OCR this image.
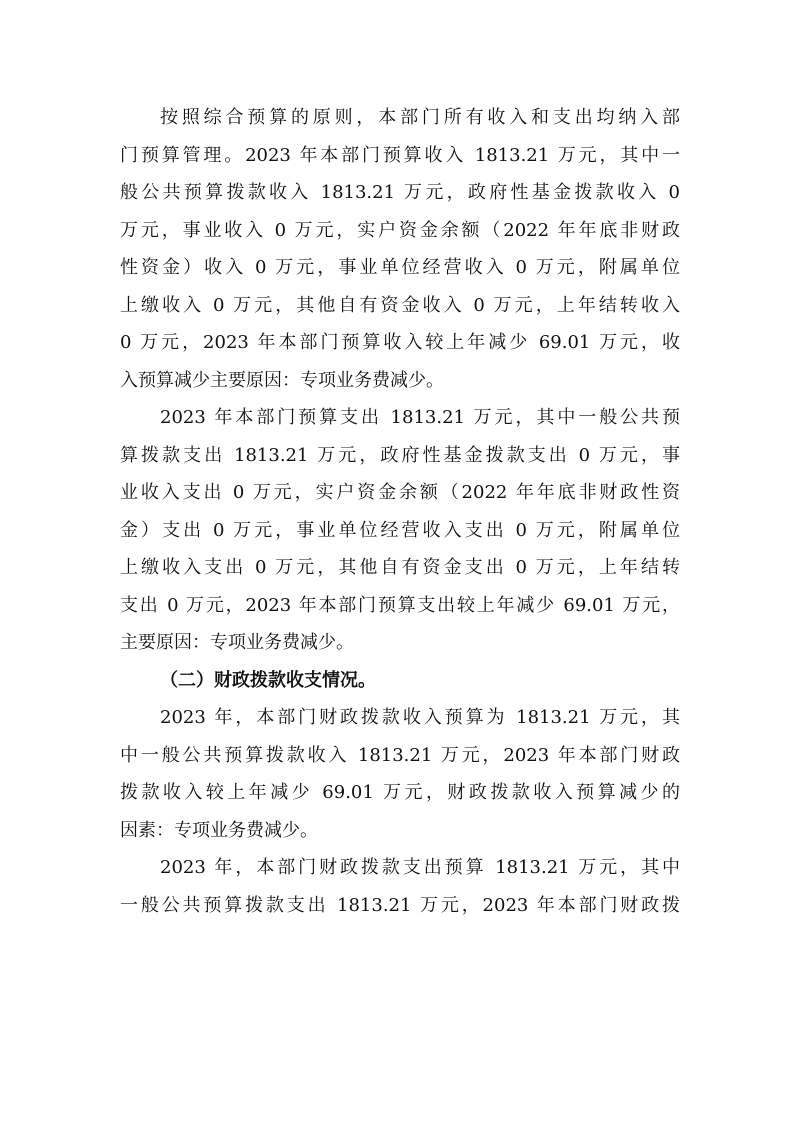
按照综合预算的原则，本部门所有收入和支出均纳入部
门预算管理。2023 年本部门预算收入 1813.21 万元，其中一
般公共预算拨款收入 1813.21 万元，政府性基金拨款收入 0
万元，事业收入 0 万元，实户资金余额（2022 年年底非财政
性资金）收入 0 万元，事业单位经营收入 0 万元，附属单位
上缴收入 0 万元，其他自有资金收入 0 万元，上年结转收入
0 万元，2023 年本部门预算收入较上年减少 69.01 万元，收
入预算减少主要原因：专项业务费减少。
2023 年本部门预算支出 1813.21 万元，其中一般公共预
算拨款支出 1813.21 万元，政府性基金拨款支出 0 万元，事
业收入支出 0 万元，实户资金余额（2022 年年底非财政性资
金）支出 0 万元，事业单位经营收入支出 0 万元，附属单位
上缴收入支出 0 万元，其他自有资金支出 0 万元，上年结转
支出 0 万元，2023 年本部门预算支出较上年减少 69.01 万元，
主要原因：专项业务费减少。
（二）财政拨款收支情况。
2023 年，本部门财政拨款收入预算为 1813.21 万元，其
中一般公共预算拨款收入 1813.21 万元，2023 年本部门财政
拨款收入较上年减少 69.01 万元，财政拨款收入预算减少的
因素：专项业务费减少。
2023 年，本部门财政拨款支出预算 1813.21 万元，其中
一般公共预算拨款支出 1813.21 万元，2023 年本部门财政拨
